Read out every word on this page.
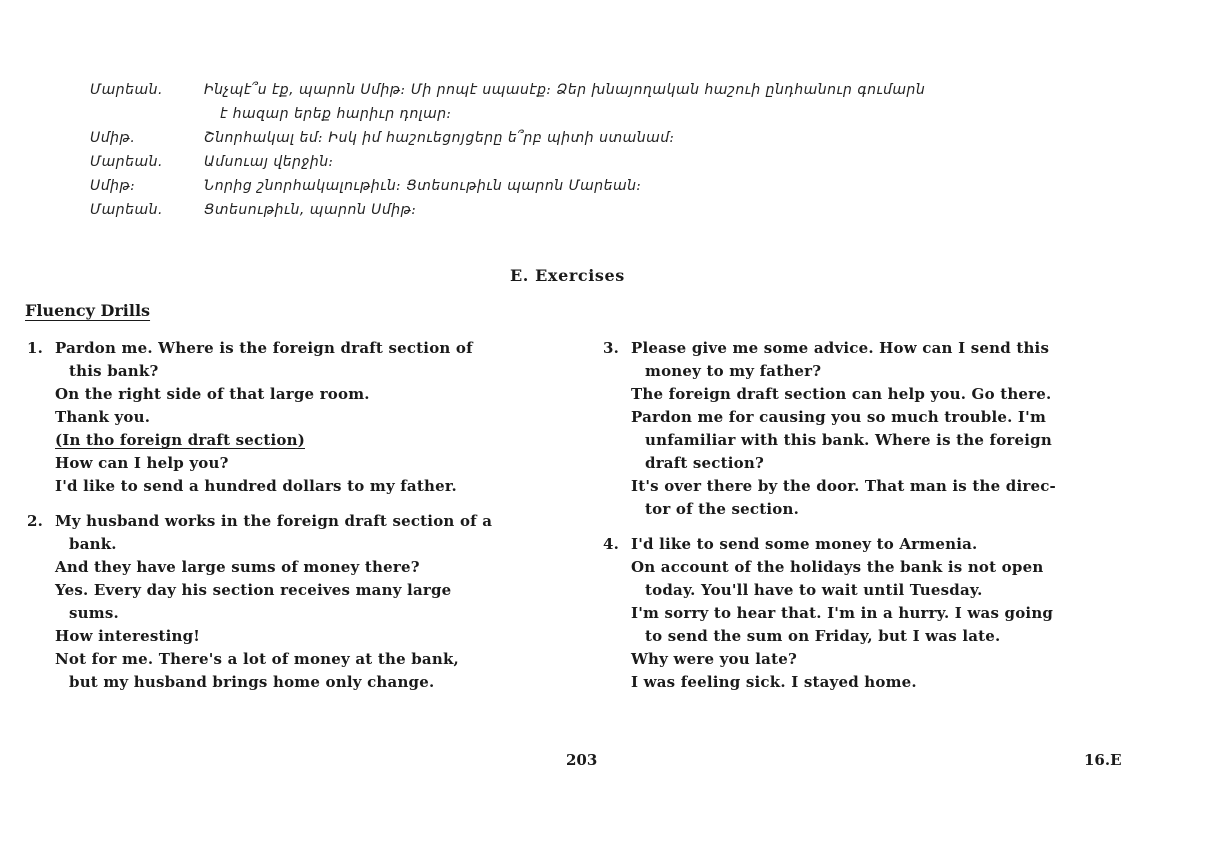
Մարեան.	Ինչպէ՞ս էք, պարոն Սմիթ։ Մի րոպէ սպասէք։ Ձեր խնայողական հաշուի ընդհանուր գումարն
է հազար երեք հարիւր դոլար։
Սմիթ.	Շնորհակալ եմ։ Իսկ իմ հաշուեցոյցերը ե՞րբ պիտի ստանամ։
Մարեան.	Ամսուայ վերջին։
Սմիթ։	Նորից շնորհակալութիւն։ Ցտեսութիւն պարոն Մարեան։
Մարեան.	Ցտեսութիւն, պարոն Սմիթ։
E. Exercises
Fluency Drills
1. Pardon me. Where is the foreign draft section of
this bank?
On the right side of that large room.
Thank you.
(In tho foreign draft section)
How can I help you?
I'd like to send a hundred dollars to my father.
2. My husband works in the foreign draft section of a
bank.
And they have large sums of money there?
Yes. Every day his section receives many large
sums.
How interesting!
Not for me. There's a lot of money at the bank,
but my husband brings home only change.
3. Please give me some advice. How can I send this
money to my father?
The foreign draft section can help you. Go there.
Pardon me for causing you so much trouble. I'm
unfamiliar with this bank. Where is the foreign
draft section?
It's over there by the door. That man is the direc-
tor of the section.
4. I'd like to send some money to Armenia.
On account of the holidays the bank is not open
today. You'll have to wait until Tuesday.
I'm sorry to hear that. I'm in a hurry. I was going
to send the sum on Friday, but I was late.
Why were you late?
I was feeling sick. I stayed home.
203	16.E
